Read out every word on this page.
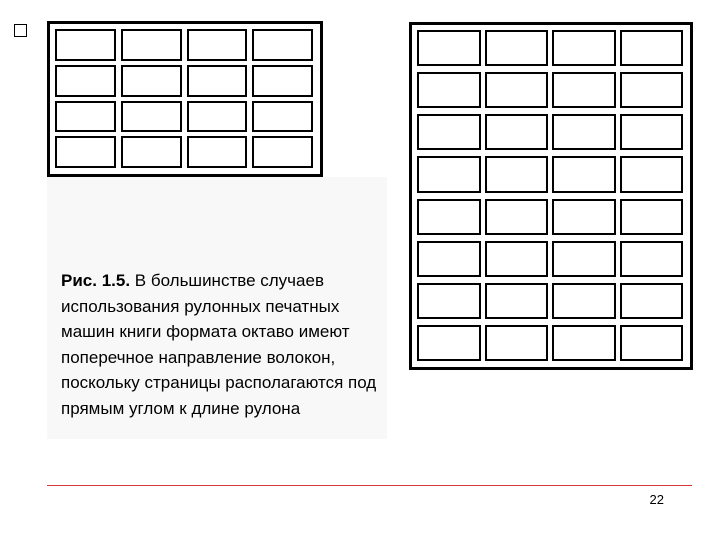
Рис. 1.5. В большинстве случаев использования рулонных печатных машин книги формата октаво имеют поперечное направление волокон, поскольку страницы располагаются под прямым углом к длине рулона

22
